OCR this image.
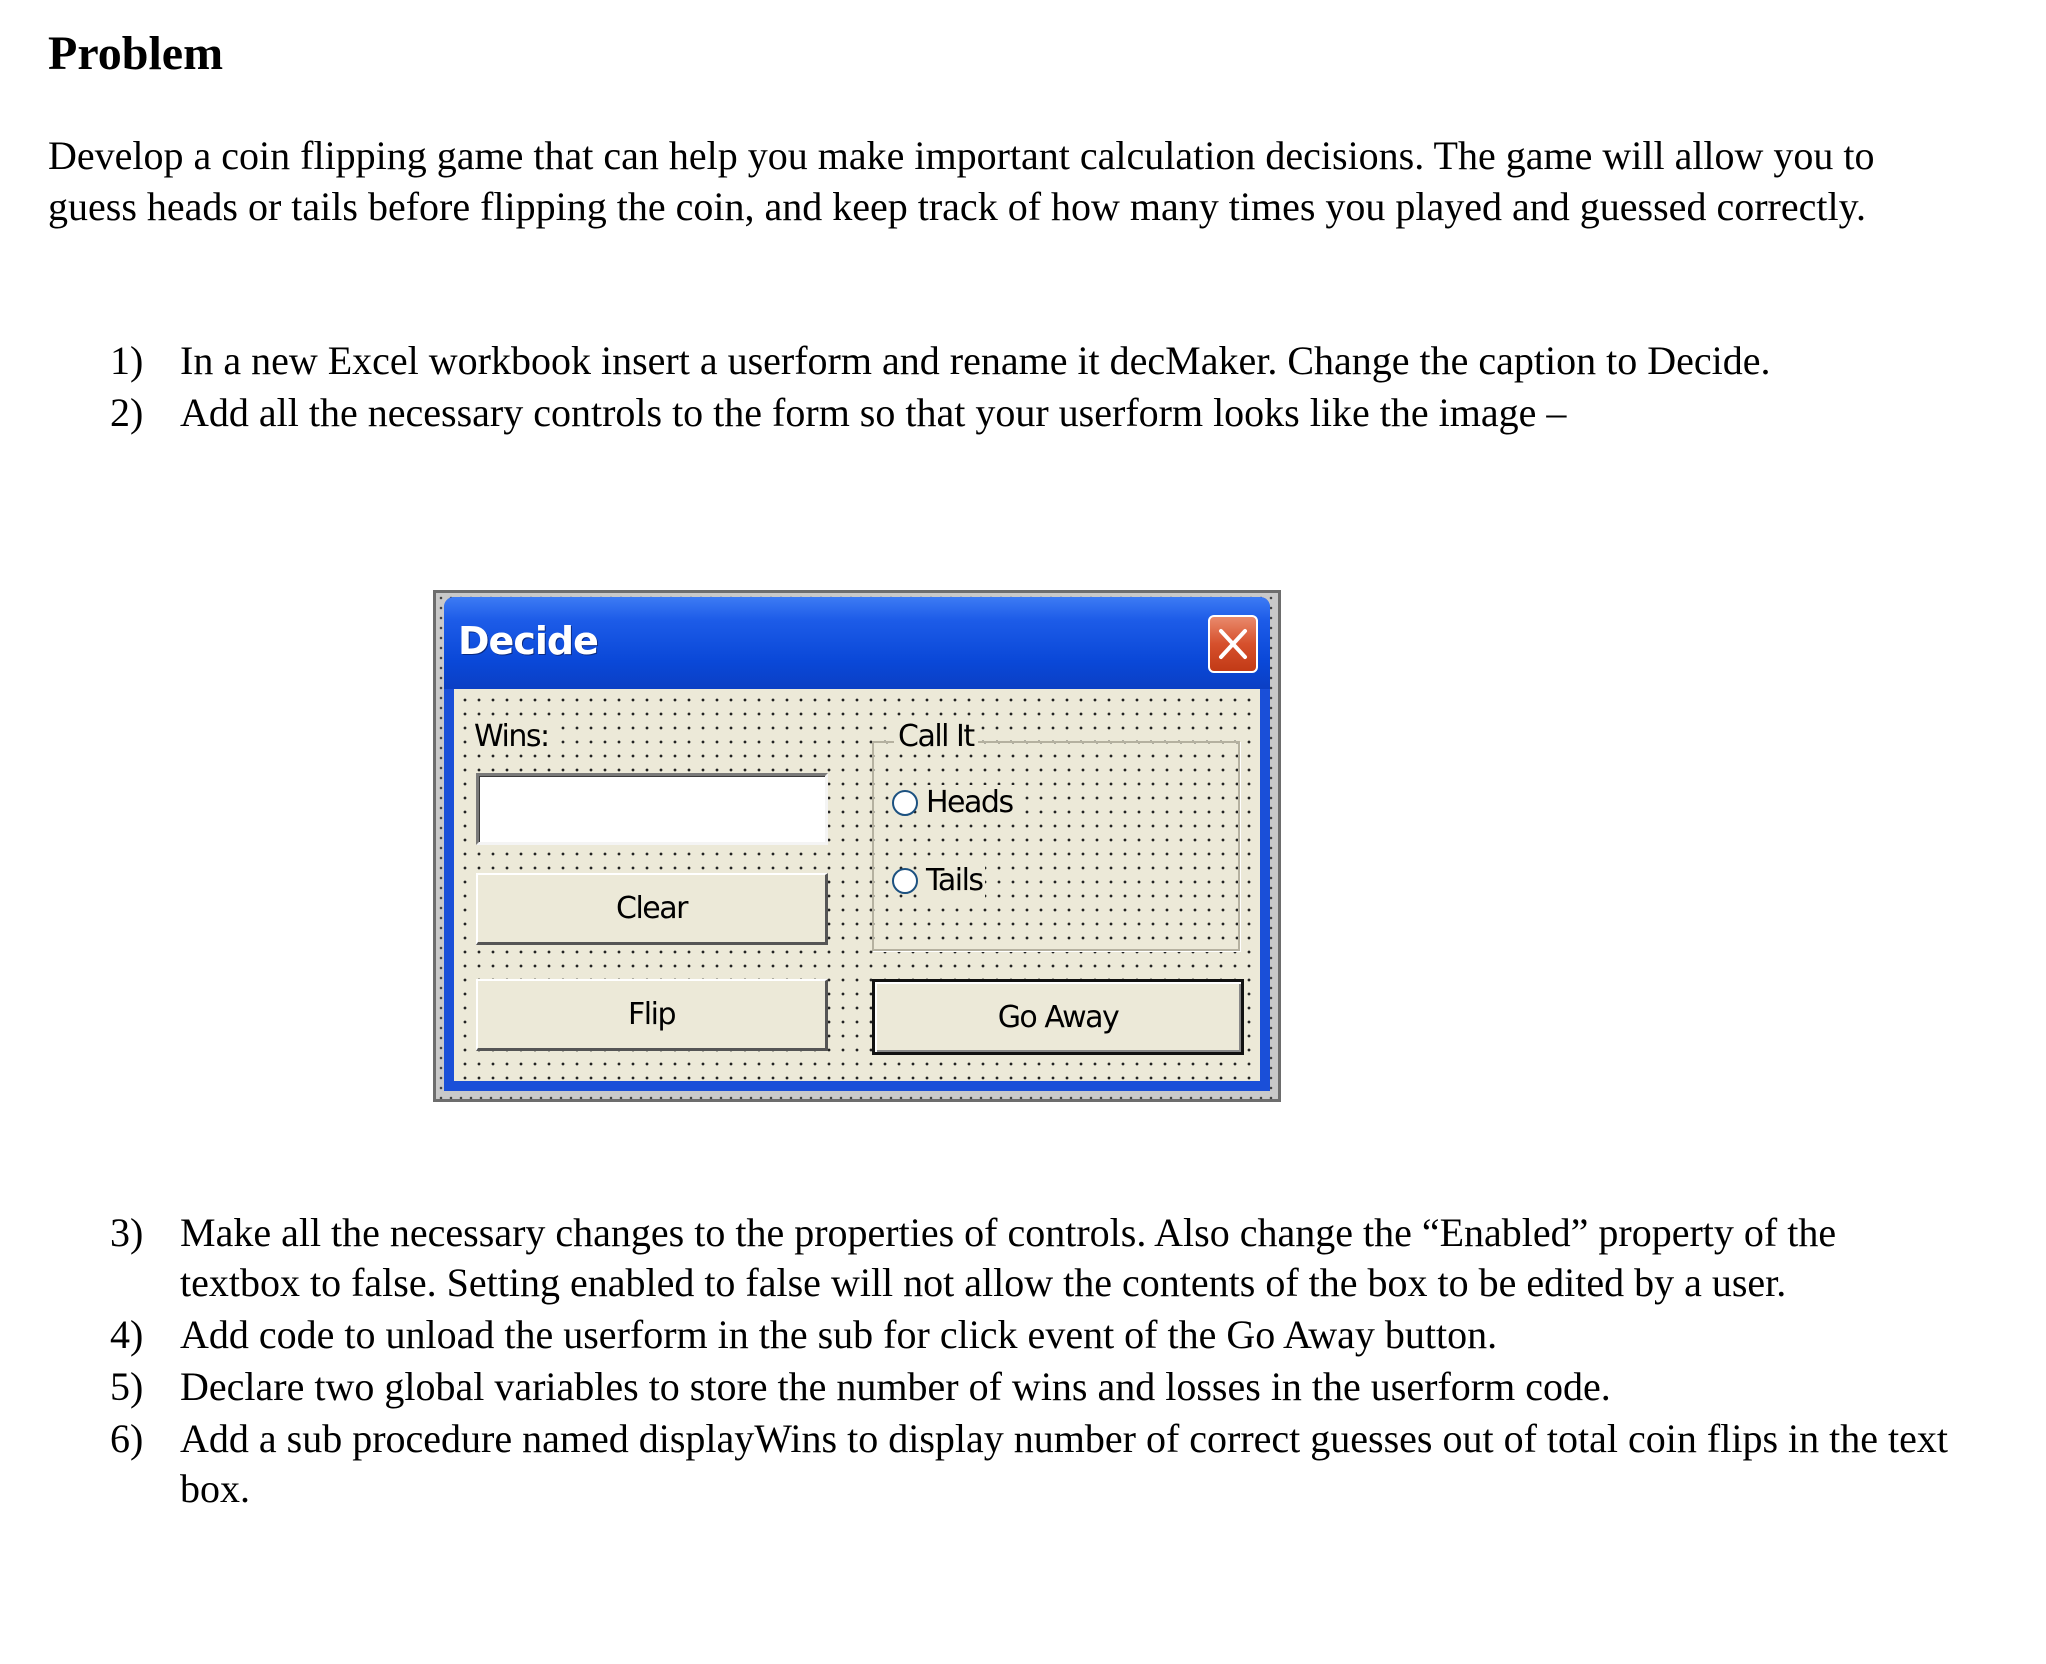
Problem

Develop a coin flipping game that can help you make important calculation decisions. The game will allow you to guess heads or tails before flipping the coin, and keep track of how many times you played and guessed correctly.

1) In a new Excel workbook insert a userform and rename it decMaker. Change the caption to Decide.
2) Add all the necessary controls to the form so that your userform looks like the image –
Decide
Wins:
Clear
Flip
Call It
Heads
Tails
Go Away
3) Make all the necessary changes to the properties of controls. Also change the “Enabled” property of the textbox to false. Setting enabled to false will not allow the contents of the box to be edited by a user.
4) Add code to unload the userform in the sub for click event of the Go Away button.
5) Declare two global variables to store the number of wins and losses in the userform code.
6) Add a sub procedure named displayWins to display number of correct guesses out of total coin flips in the text box.
